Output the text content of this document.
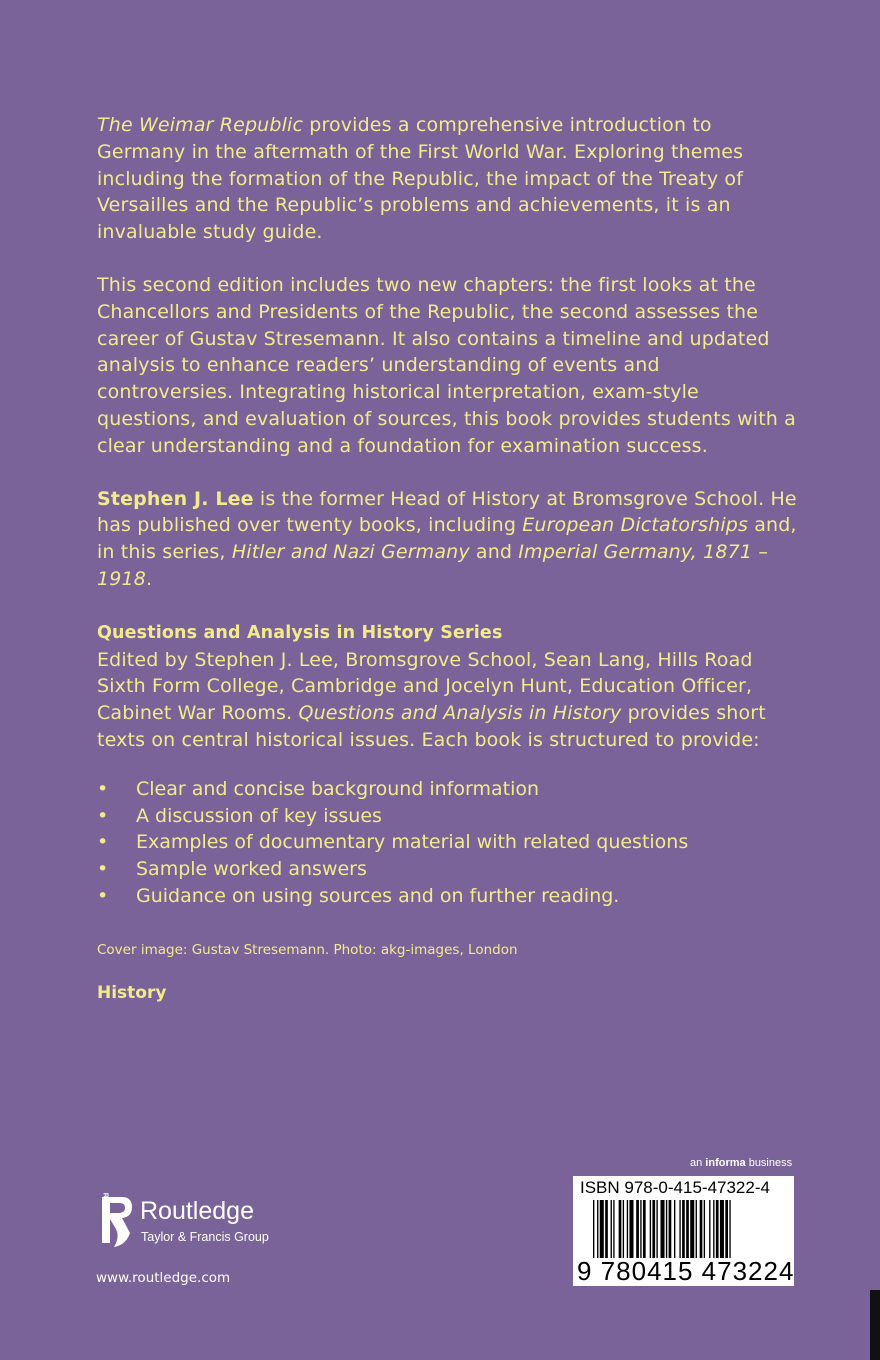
The Weimar Republic provides a comprehensive introduction to Germany in the aftermath of the First World War. Exploring themes including the formation of the Republic, the impact of the Treaty of Versailles and the Republic’s problems and achievements, it is an invaluable study guide.

This second edition includes two new chapters: the first looks at the Chancellors and Presidents of the Republic, the second assesses the career of Gustav Stresemann. It also contains a timeline and updated analysis to enhance readers’ understanding of events and controversies. Integrating historical interpretation, exam-style questions, and evaluation of sources, this book provides students with a clear understanding and a foundation for examination success.

Stephen J. Lee is the former Head of History at Bromsgrove School. He has published over twenty books, including European Dictatorships and, in this series, Hitler and Nazi Germany and Imperial Germany, 1871 – 1918.

Questions and Analysis in History Series

Edited by Stephen J. Lee, Bromsgrove School, Sean Lang, Hills Road Sixth Form College, Cambridge and Jocelyn Hunt, Education Officer, Cabinet War Rooms. Questions and Analysis in History provides short texts on central historical issues. Each book is structured to provide:

• Clear and concise background information
• A discussion of key issues
• Examples of documentary material with related questions
• Sample worked answers
• Guidance on using sources and on further reading.

Cover image: Gustav Stresemann. Photo: akg-images, London

History

an informa business
ISBN 978-0-415-47322-4
9 780415 473224
ROUTLEDGE Routledge
Taylor & Francis Group
www.routledge.com
